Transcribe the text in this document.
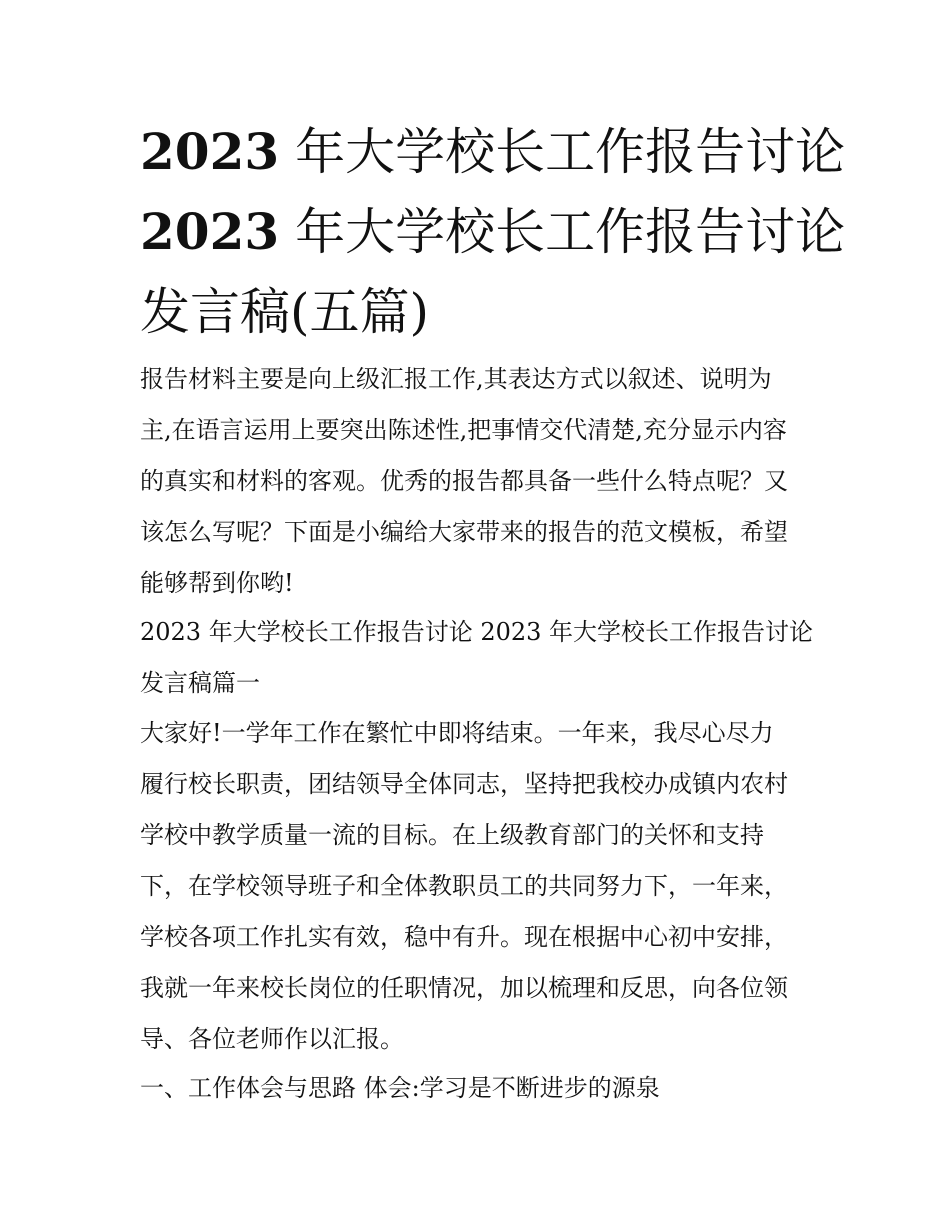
2023 年大学校长工作报告讨论
2023 年大学校长工作报告讨论
发言稿(五篇)

报告材料主要是向上级汇报工作,其表达方式以叙述、说明为
主,在语言运用上要突出陈述性,把事情交代清楚,充分显示内容
的真实和材料的客观。优秀的报告都具备一些什么特点呢？又
该怎么写呢？下面是小编给大家带来的报告的范文模板，希望
能够帮到你哟!

2023 年大学校长工作报告讨论 2023 年大学校长工作报告讨论
发言稿篇一

大家好!一学年工作在繁忙中即将结束。一年来，我尽心尽力
履行校长职责，团结领导全体同志，坚持把我校办成镇内农村
学校中教学质量一流的目标。在上级教育部门的关怀和支持
下，在学校领导班子和全体教职员工的共同努力下，一年来，
学校各项工作扎实有效，稳中有升。现在根据中心初中安排，
我就一年来校长岗位的任职情况，加以梳理和反思，向各位领
导、各位老师作以汇报。

一、工作体会与思路 体会:学习是不断进步的源泉
